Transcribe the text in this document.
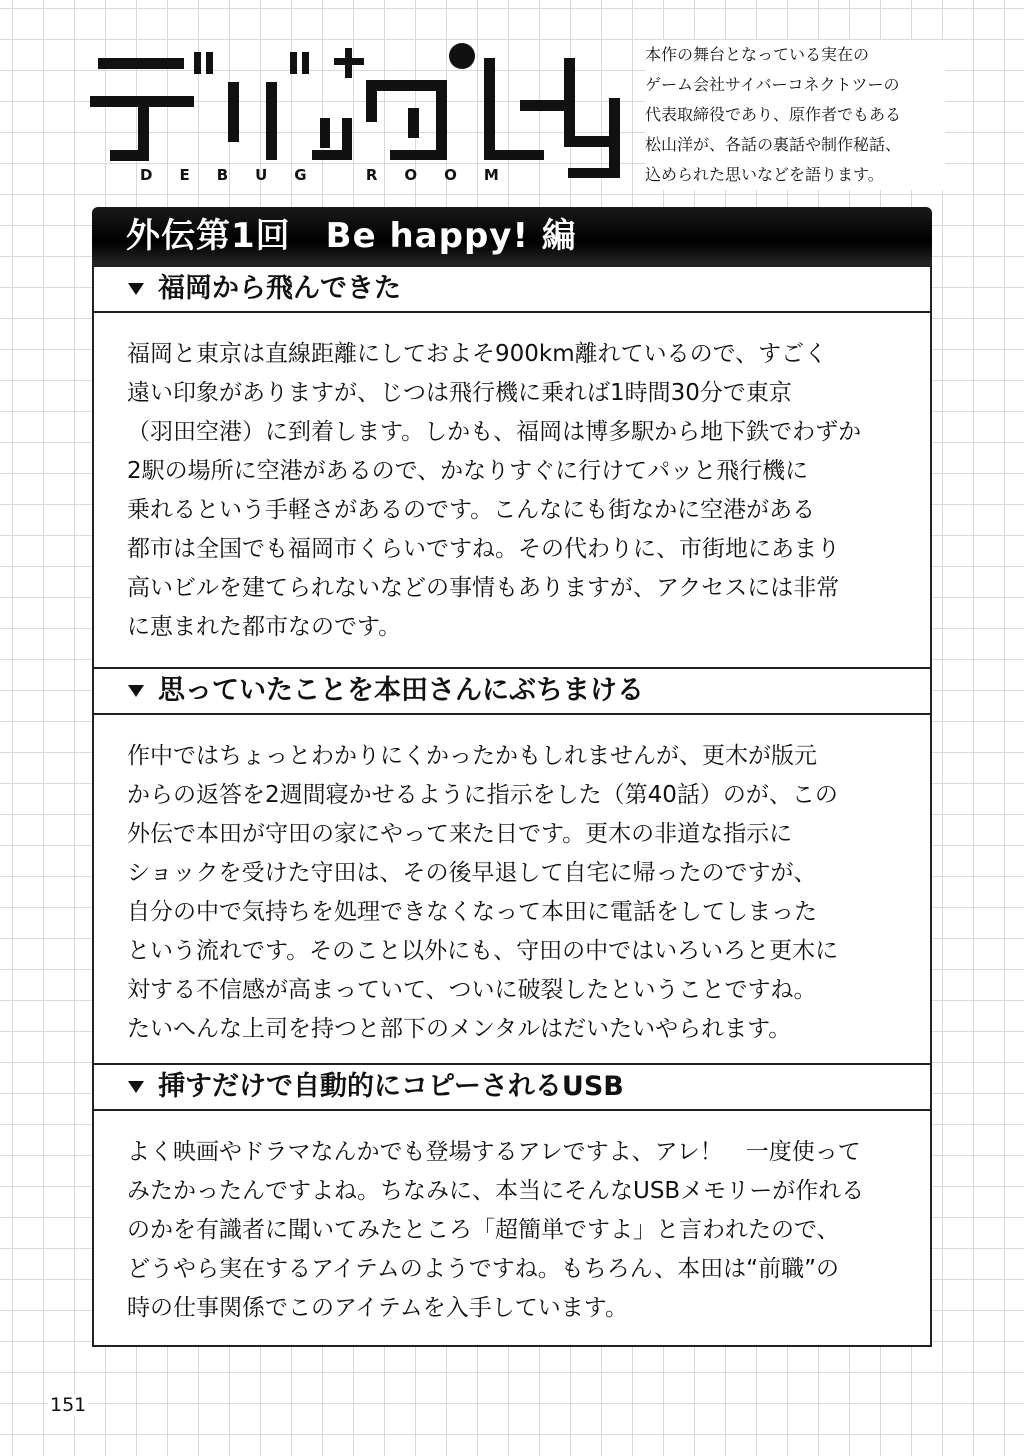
DEBUG ROOM
本作の舞台となっている実在の
ゲーム会社サイバーコネクトツーの
代表取締役であり、原作者でもある
松山洋が、各話の裏話や制作秘話、
込められた思いなどを語ります。
外伝第1回　Be happy! 編
福岡から飛んできた

福岡と東京は直線距離にしておよそ900km離れているので、すごく

遠い印象がありますが、じつは飛行機に乗れば1時間30分で東京

（羽田空港）に到着します。しかも、福岡は博多駅から地下鉄でわずか

2駅の場所に空港があるので、かなりすぐに行けてパッと飛行機に

乗れるという手軽さがあるのです。こんなにも街なかに空港がある

都市は全国でも福岡市くらいですね。その代わりに、市街地にあまり

高いビルを建てられないなどの事情もありますが、アクセスには非常

に恵まれた都市なのです。

思っていたことを本田さんにぶちまける

作中ではちょっとわかりにくかったかもしれませんが、更木が版元

からの返答を2週間寝かせるように指示をした（第40話）のが、この

外伝で本田が守田の家にやって来た日です。更木の非道な指示に

ショックを受けた守田は、その後早退して自宅に帰ったのですが、

自分の中で気持ちを処理できなくなって本田に電話をしてしまった

という流れです。そのこと以外にも、守田の中ではいろいろと更木に

対する不信感が高まっていて、ついに破裂したということですね。

たいへんな上司を持つと部下のメンタルはだいたいやられます。

挿すだけで自動的にコピーされるUSB

よく映画やドラマなんかでも登場するアレですよ、アレ！　一度使って

みたかったんですよね。ちなみに、本当にそんなUSBメモリーが作れる

のかを有識者に聞いてみたところ「超簡単ですよ」と言われたので、

どうやら実在するアイテムのようですね。もちろん、本田は“前職”の

時の仕事関係でこのアイテムを入手しています。

151
